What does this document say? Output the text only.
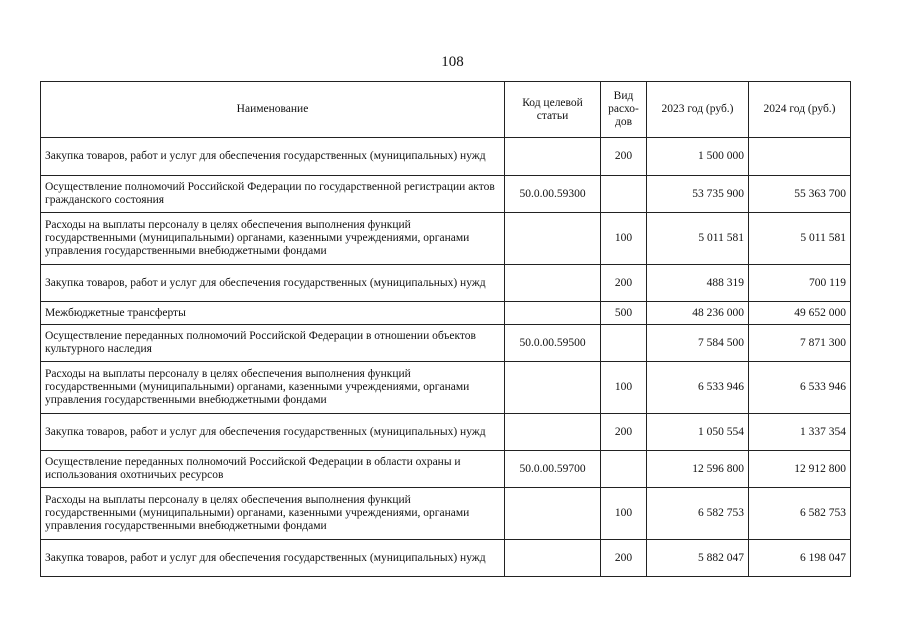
108
Наименование	Код целевой статьи	Вид расхо-дов	2023 год (руб.)	2024 год (руб.)
Закупка товаров, работ и услуг для обеспечения государственных (муниципальных) нужд		200	1 500 000	
Осуществление полномочий Российской Федерации по государственной регистрации актов гражданского состояния	50.0.00.59300		53 735 900	55 363 700
Расходы на выплаты персоналу в целях обеспечения выполнения функций государственными (муниципальными) органами, казенными учреждениями, органами управления государственными внебюджетными фондами		100	5 011 581	5 011 581
Закупка товаров, работ и услуг для обеспечения государственных (муниципальных) нужд		200	488 319	700 119
Межбюджетные трансферты		500	48 236 000	49 652 000
Осуществление переданных полномочий Российской Федерации в отношении объектов культурного наследия	50.0.00.59500		7 584 500	7 871 300
Расходы на выплаты персоналу в целях обеспечения выполнения функций государственными (муниципальными) органами, казенными учреждениями, органами управления государственными внебюджетными фондами		100	6 533 946	6 533 946
Закупка товаров, работ и услуг для обеспечения государственных (муниципальных) нужд		200	1 050 554	1 337 354
Осуществление переданных полномочий Российской Федерации в области охраны и использования охотничьих ресурсов	50.0.00.59700		12 596 800	12 912 800
Расходы на выплаты персоналу в целях обеспечения выполнения функций государственными (муниципальными) органами, казенными учреждениями, органами управления государственными внебюджетными фондами		100	6 582 753	6 582 753
Закупка товаров, работ и услуг для обеспечения государственных (муниципальных) нужд		200	5 882 047	6 198 047
